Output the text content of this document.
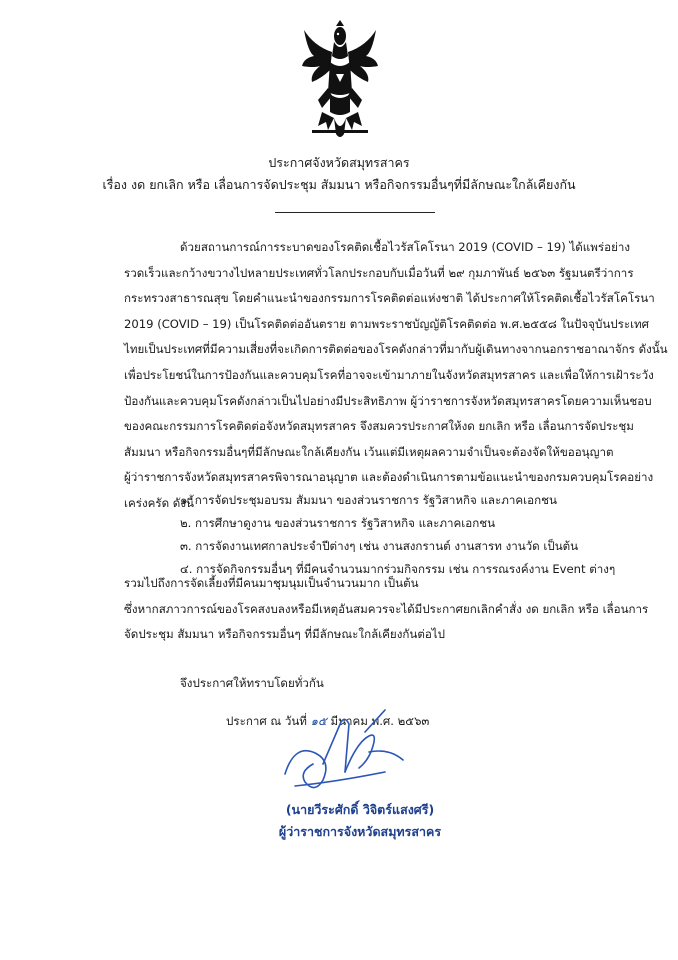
ประกาศจังหวัดสมุทรสาคร
เรื่อง งด ยกเลิก หรือ เลื่อนการจัดประชุม สัมมนา หรือกิจกรรมอื่นๆที่มีลักษณะใกล้เคียงกัน
ด้วยสถานการณ์การระบาดของโรคติดเชื้อไวรัสโคโรนา 2019 (COVID – 19) ได้แพร่อย่าง
รวดเร็วและกว้างขวางไปหลายประเทศทั่วโลกประกอบกับเมื่อวันที่ ๒๙ กุมภาพันธ์ ๒๕๖๓ รัฐมนตรีว่าการ
กระทรวงสาธารณสุข โดยคำแนะนำของกรรมการโรคติดต่อแห่งชาติ ได้ประกาศให้โรคติดเชื้อไวรัสโคโรนา
2019 (COVID – 19) เป็นโรคติดต่ออันตราย ตามพระราชบัญญัติโรคติดต่อ พ.ศ.๒๕๕๘ ในปัจจุบันประเทศ
ไทยเป็นประเทศที่มีความเสี่ยงที่จะเกิดการติดต่อของโรคดังกล่าวที่มากับผู้เดินทางจากนอกราชอาณาจักร ดังนั้น
เพื่อประโยชน์ในการป้องกันและควบคุมโรคที่อาจจะเข้ามาภายในจังหวัดสมุทรสาคร และเพื่อให้การเฝ้าระวัง
ป้องกันและควบคุมโรคดังกล่าวเป็นไปอย่างมีประสิทธิภาพ ผู้ว่าราชการจังหวัดสมุทรสาครโดยความเห็นชอบ
ของคณะกรรมการโรคติดต่อจังหวัดสมุทรสาคร จึงสมควรประกาศให้งด ยกเลิก หรือ เลื่อนการจัดประชุม
สัมมนา หรือกิจกรรมอื่นๆที่มีลักษณะใกล้เคียงกัน เว้นแต่มีเหตุผลความจำเป็นจะต้องจัดให้ขออนุญาต
ผู้ว่าราชการจังหวัดสมุทรสาครพิจารณาอนุญาต และต้องดำเนินการตามข้อแนะนำของกรมควบคุมโรคอย่าง
เคร่งครัด ดังนี้
๑. การจัดประชุมอบรม สัมมนา ของส่วนราชการ รัฐวิสาหกิจ และภาคเอกชน
๒. การศึกษาดูงาน ของส่วนราชการ รัฐวิสาหกิจ และภาคเอกชน
๓. การจัดงานเทศกาลประจำปีต่างๆ เช่น งานสงกรานต์ งานสารท งานวัด เป็นต้น
๔. การจัดกิจกรรมอื่นๆ ที่มีคนจำนวนมากร่วมกิจกรรม เช่น การรณรงค์งาน Event ต่างๆ
รวมไปถึงการจัดเลี้ยงที่มีคนมาชุมนุมเป็นจำนวนมาก เป็นต้น
ซึ่งหากสภาวการณ์ของโรคสงบลงหรือมีเหตุอันสมควรจะได้มีประกาศยกเลิกคำสั่ง งด ยกเลิก หรือ เลื่อนการ
จัดประชุม สัมมนา หรือกิจกรรมอื่นๆ ที่มีลักษณะใกล้เคียงกันต่อไป
จึงประกาศให้ทราบโดยทั่วกัน
ประกาศ ณ วันที่ ๑๕ มีนาคม พ.ศ. ๒๕๖๓
(นายวีระศักดิ์ วิจิตร์แสงศรี)
ผู้ว่าราชการจังหวัดสมุทรสาคร
